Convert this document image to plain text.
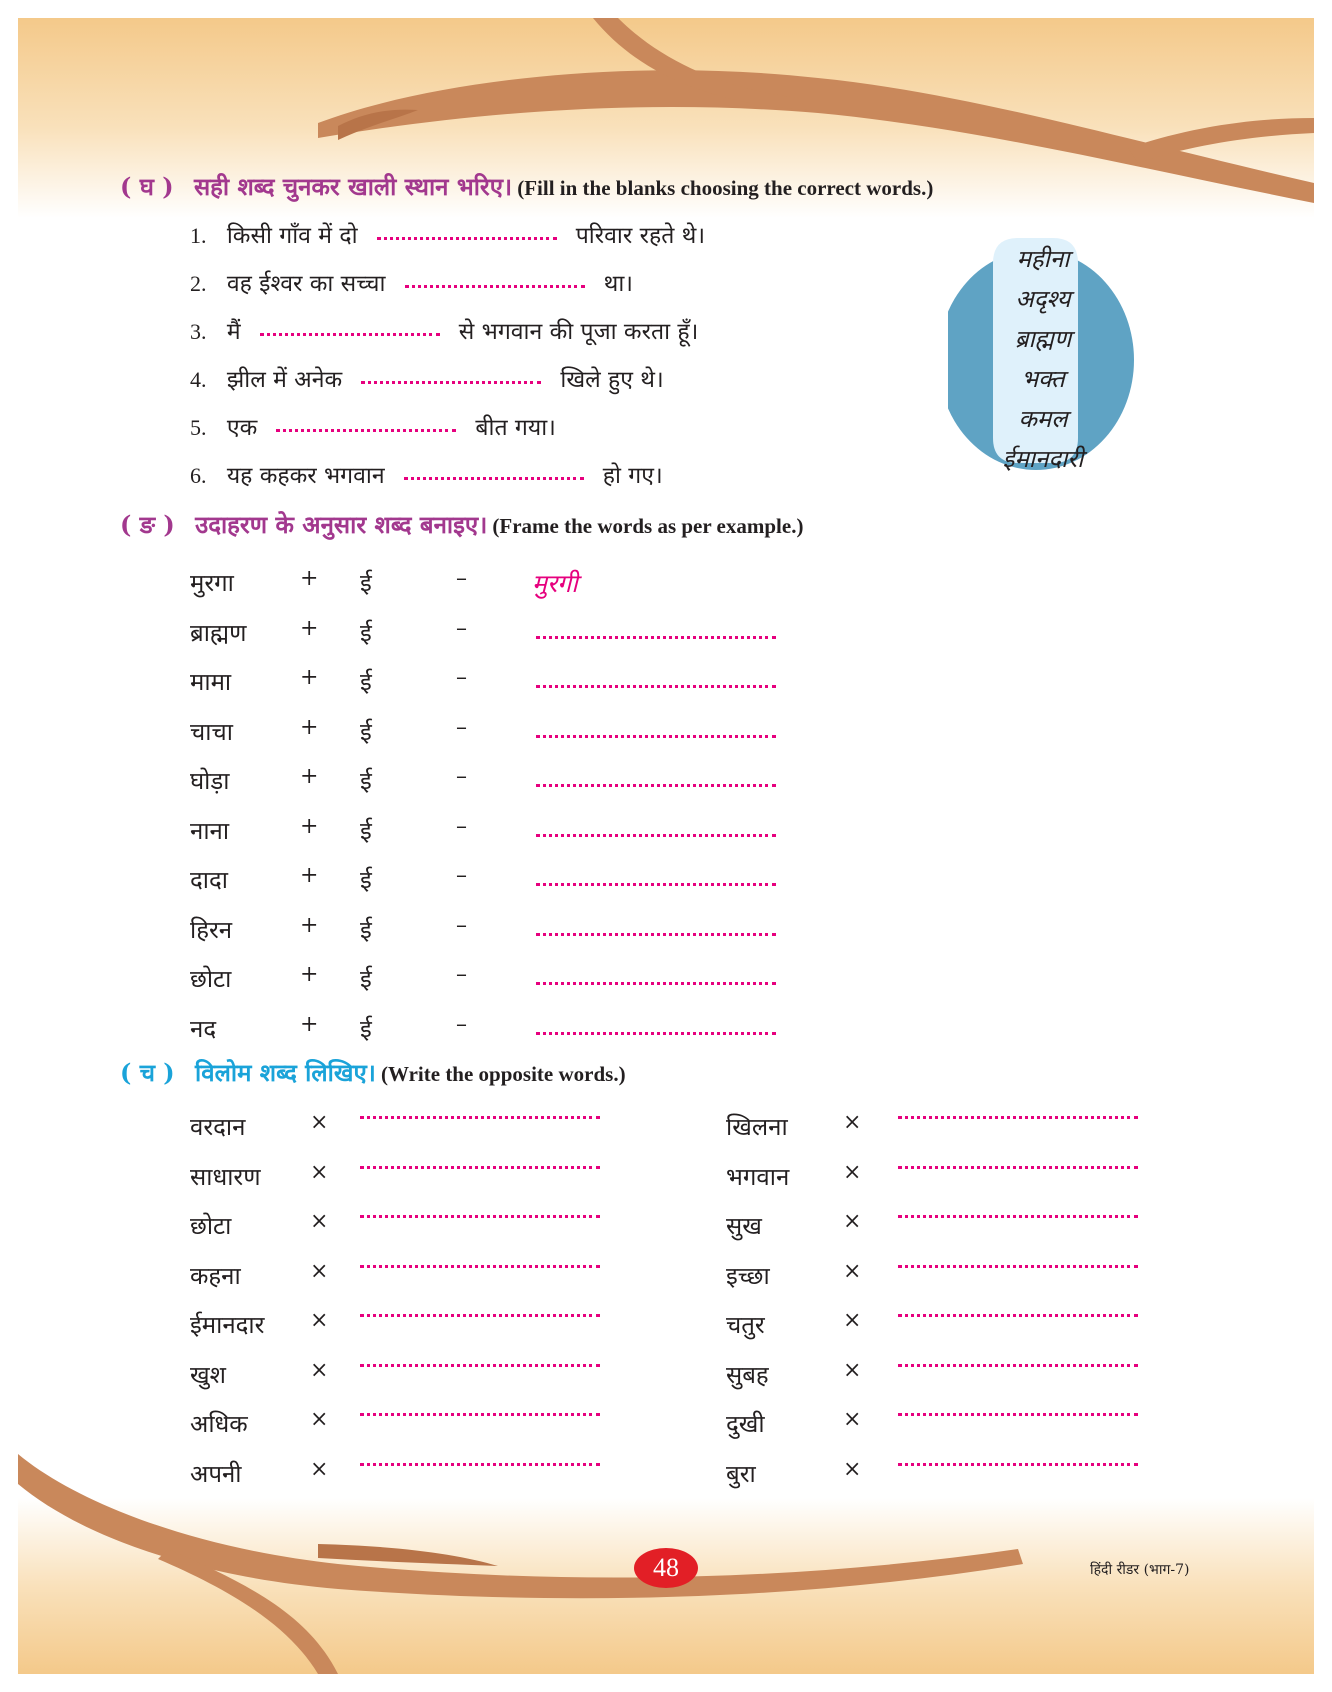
महीना
अदृश्य
ब्राह्मण
भक्त
कमल
ईमानदारी
( घ ) सही शब्द चुनकर खाली स्थान भरिए। (Fill in the blanks choosing the correct words.)
1. किसी गाँव में दो	परिवार रहते थे।
2. वह ईश्वर का सच्चा	था।
3. मैं	से भगवान की पूजा करता हूँ।
4. झील में अनेक	खिले हुए थे।
5. एक	बीत गया।
6. यह कहकर भगवान	हो गए।
( ङ ) उदाहरण के अनुसार शब्द बनाइए। (Frame the words as per example.)
मुरगा	+ ई	–	मुरगी
ब्राह्मण + ई	–
मामा	+ ई	–
चाचा	+ ई	–
घोड़ा	+ ई	–
नाना	+ ई	–
दादा	+ ई	–
हिरन	+ ई	–
छोटा	+ ई	–
नद	+ ई	–
( च ) विलोम शब्द लिखिए। (Write the opposite words.)
वरदान	×	खिलना	×
साधारण ×	भगवान ×
छोटा	×	सुख	×
कहना	×	इच्छा	×
ईमानदार ×	चतुर	×
खुश	×	सुबह	×
अधिक	×	दुखी	×
अपनी	×	बुरा	×
48	हिंदी रीडर (भाग-7)
